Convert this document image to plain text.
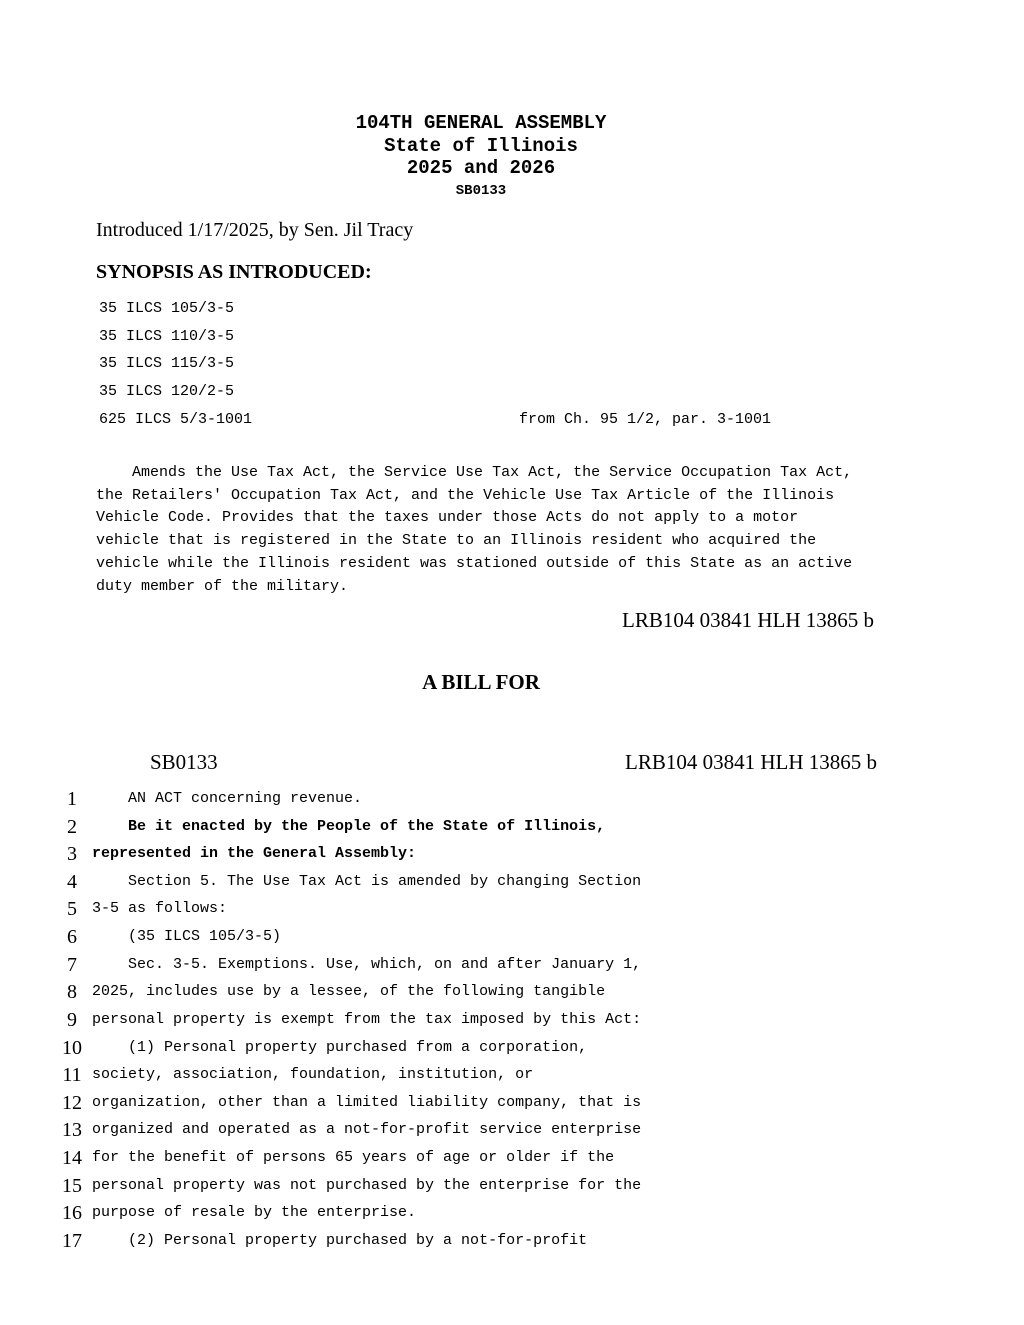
104TH GENERAL ASSEMBLY
State of Illinois
2025 and 2026
SB0133
Introduced 1/17/2025, by Sen. Jil Tracy
SYNOPSIS AS INTRODUCED:
35 ILCS 105/3-5
35 ILCS 110/3-5
35 ILCS 115/3-5
35 ILCS 120/2-5
625 ILCS 5/3-1001	from Ch. 95 1/2, par. 3-1001
Amends the Use Tax Act, the Service Use Tax Act, the Service Occupation Tax Act,
the Retailers' Occupation Tax Act, and the Vehicle Use Tax Article of the Illinois
Vehicle Code. Provides that the taxes under those Acts do not apply to a motor
vehicle that is registered in the State to an Illinois resident who acquired the
vehicle while the Illinois resident was stationed outside of this State as an active
duty member of the military.
LRB104 03841 HLH 13865 b
A BILL FOR
SB0133	LRB104 03841 HLH 13865 b
1	AN ACT concerning revenue.
2	Be it enacted by the People of the State of Illinois,
3	represented in the General Assembly:
4	Section 5. The Use Tax Act is amended by changing Section
5	3-5 as follows:
6	(35 ILCS 105/3-5)
7	Sec. 3-5. Exemptions. Use, which, on and after January 1,
8	2025, includes use by a lessee, of the following tangible
9	personal property is exempt from the tax imposed by this Act:
10 (1) Personal property purchased from a corporation,
11 society, association, foundation, institution, or
12 organization, other than a limited liability company, that is
13 organized and operated as a not-for-profit service enterprise
14 for the benefit of persons 65 years of age or older if the
15 personal property was not purchased by the enterprise for the
16 purpose of resale by the enterprise.
17 (2) Personal property purchased by a not-for-profit
